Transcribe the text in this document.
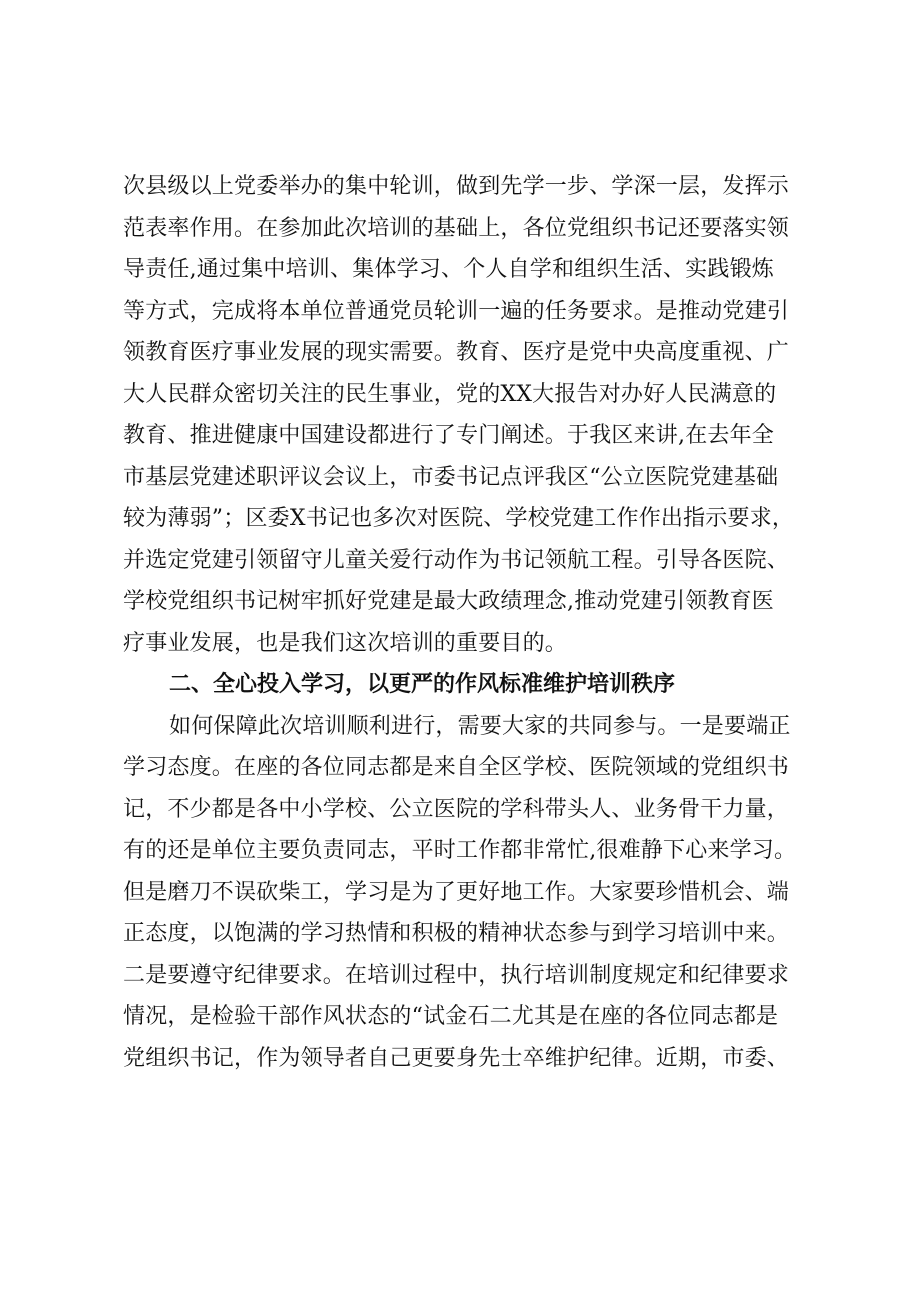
次县级以上党委举办的集中轮训，做到先学一步、学深一层，发挥示
范表率作用。在参加此次培训的基础上，各位党组织书记还要落实领
导责任,通过集中培训、集体学习、个人自学和组织生活、实践锻炼
等方式，完成将本单位普通党员轮训一遍的任务要求。是推动党建引
领教育医疗事业发展的现实需要。教育、医疗是党中央高度重视、广
大人民群众密切关注的民生事业，党的XX大报告对办好人民满意的
教育、推进健康中国建设都进行了专门阐述。于我区来讲,在去年全
市基层党建述职评议会议上，市委书记点评我区“公立医院党建基础
较为薄弱”；区委X书记也多次对医院、学校党建工作作出指示要求，
并选定党建引领留守儿童关爱行动作为书记领航工程。引导各医院、
学校党组织书记树牢抓好党建是最大政绩理念,推动党建引领教育医
疗事业发展，也是我们这次培训的重要目的。
二、全心投入学习，以更严的作风标准维护培训秩序
如何保障此次培训顺利进行，需要大家的共同参与。一是要端正
学习态度。在座的各位同志都是来自全区学校、医院领域的党组织书
记，不少都是各中小学校、公立医院的学科带头人、业务骨干力量，
有的还是单位主要负责同志，平时工作都非常忙,很难静下心来学习。
但是磨刀不误砍柴工，学习是为了更好地工作。大家要珍惜机会、端
正态度，以饱满的学习热情和积极的精神状态参与到学习培训中来。
二是要遵守纪律要求。在培训过程中，执行培训制度规定和纪律要求
情况，是检验干部作风状态的“试金石二尤其是在座的各位同志都是
党组织书记，作为领导者自己更要身先士卒维护纪律。近期，市委、
